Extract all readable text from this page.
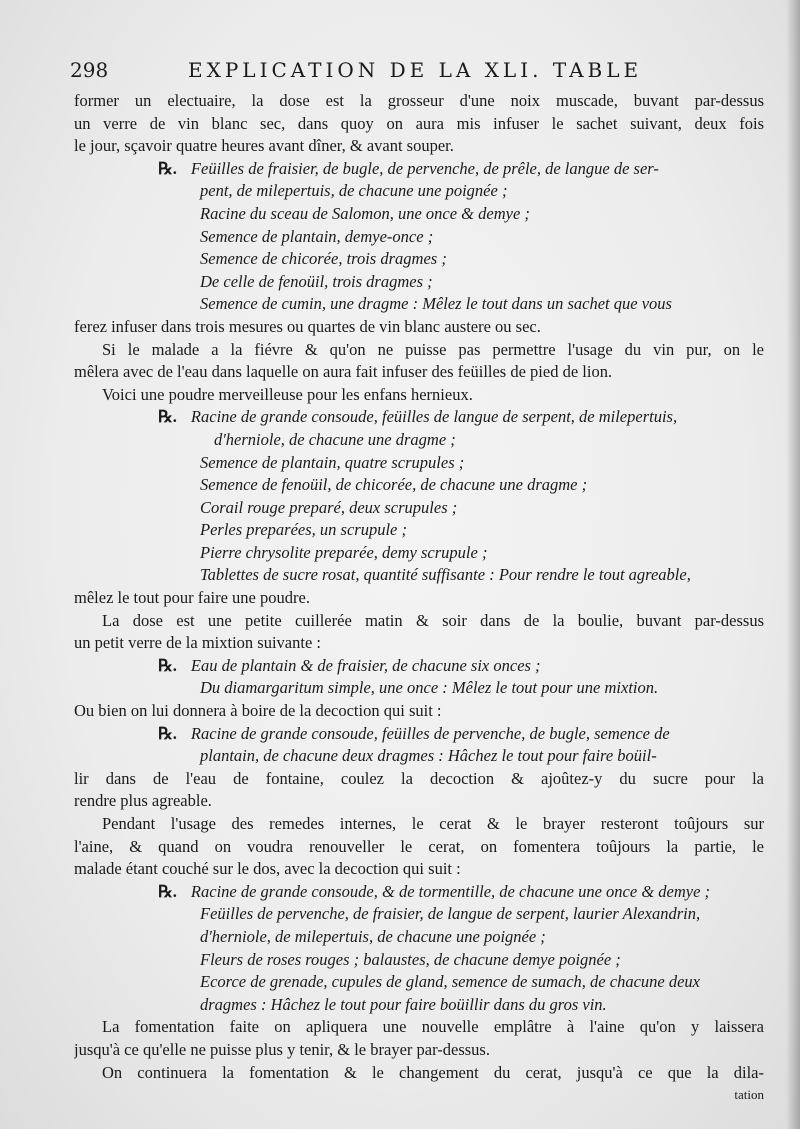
298	EXPLICATION DE LA XLI. TABLE
former un electuaire, la dose est la grosseur d'une noix muscade, buvant par-dessus
un verre de vin blanc sec, dans quoy on aura mis infuser le sachet suivant, deux fois
le jour, sçavoir quatre heures avant dîner, & avant souper.
℞. Feüilles de fraisier, de bugle, de pervenche, de prêle, de langue de ser-
pent, de milepertuis, de chacune une poignée ;
Racine du sceau de Salomon, une once & demye ;
Semence de plantain, demye-once ;
Semence de chicorée, trois dragmes ;
De celle de fenoüil, trois dragmes ;
Semence de cumin, une dragme : Mêlez le tout dans un sachet que vous
ferez infuser dans trois mesures ou quartes de vin blanc austere ou sec.
Si le malade a la fiévre & qu'on ne puisse pas permettre l'usage du vin pur, on le
mêlera avec de l'eau dans laquelle on aura fait infuser des feüilles de pied de lion.
Voici une poudre merveilleuse pour les enfans hernieux.
℞. Racine de grande consoude, feüilles de langue de serpent, de milepertuis,
d'herniole, de chacune une dragme ;
Semence de plantain, quatre scrupules ;
Semence de fenoüil, de chicorée, de chacune une dragme ;
Corail rouge preparé, deux scrupules ;
Perles preparées, un scrupule ;
Pierre chrysolite preparée, demy scrupule ;
Tablettes de sucre rosat, quantité suffisante : Pour rendre le tout agreable,
mêlez le tout pour faire une poudre.
La dose est une petite cuillerée matin & soir dans de la boulie, buvant par-dessus
un petit verre de la mixtion suivante :
℞. Eau de plantain & de fraisier, de chacune six onces ;
Du diamargaritum simple, une once : Mêlez le tout pour une mixtion.
Ou bien on lui donnera à boire de la decoction qui suit :
℞. Racine de grande consoude, feüilles de pervenche, de bugle, semence de
plantain, de chacune deux dragmes : Hâchez le tout pour faire boüil-
lir dans de l'eau de fontaine, coulez la decoction & ajoûtez-y du sucre pour la
rendre plus agreable.
Pendant l'usage des remedes internes, le cerat & le brayer resteront toûjours sur
l'aine, & quand on voudra renouveller le cerat, on fomentera toûjours la partie, le
malade étant couché sur le dos, avec la decoction qui suit :
℞. Racine de grande consoude, & de tormentille, de chacune une once & demye ;
Feüilles de pervenche, de fraisier, de langue de serpent, laurier Alexandrin,
d'herniole, de milepertuis, de chacune une poignée ;
Fleurs de roses rouges ; balaustes, de chacune demye poignée ;
Ecorce de grenade, cupules de gland, semence de sumach, de chacune deux
dragmes : Hâchez le tout pour faire boüillir dans du gros vin.
La fomentation faite on apliquera une nouvelle emplâtre à l'aine qu'on y laissera
jusqu'à ce qu'elle ne puisse plus y tenir, & le brayer par-dessus.
On continuera la fomentation & le changement du cerat, jusqu'à ce que la dila-
tation
